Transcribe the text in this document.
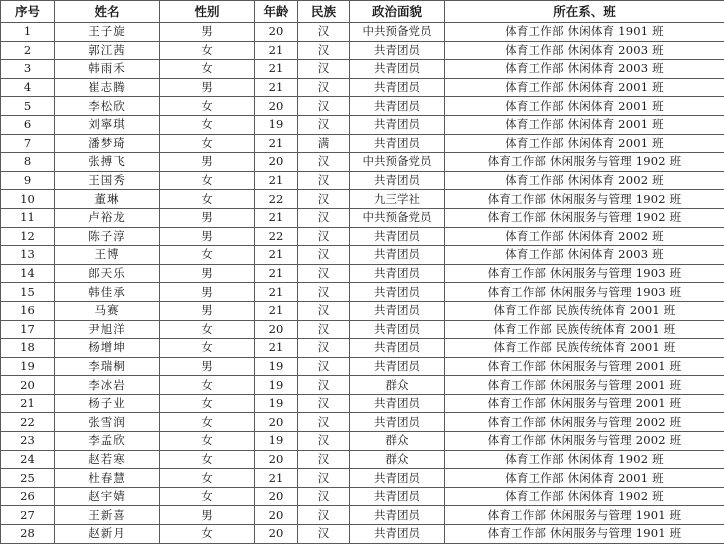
序号	姓名	性别	年龄	民族	政治面貌	所在系、班
1	王子旋	男	20	汉	中共预备党员	体育工作部 休闲体育 1901 班
2	郭江茜	女	21	汉	共青团员	体育工作部 休闲体育 2003 班
3	韩雨禾	女	21	汉	共青团员	体育工作部 休闲体育 2003 班
4	崔志腾	男	21	汉	共青团员	体育工作部 休闲体育 2001 班
5	李松欣	女	20	汉	共青团员	体育工作部 休闲体育 2001 班
6	刘寧琪	女	19	汉	共青团员	体育工作部 休闲体育 2001 班
7	潘梦琦	女	21	满	共青团员	体育工作部 休闲体育 2001 班
8	张搏飞	男	20	汉	中共预备党员	体育工作部 休闲服务与管理 1902 班
9	王国秀	女	21	汉	共青团员	体育工作部 休闲体育 2002 班
10	董琳	女	22	汉	九三学社	体育工作部 休闲服务与管理 1902 班
11	卢裕龙	男	21	汉	中共预备党员	体育工作部 休闲服务与管理 1902 班
12	陈子淳	男	22	汉	共青团员	体育工作部 休闲体育 2002 班
13	王博	女	21	汉	共青团员	体育工作部 休闲体育 2003 班
14	郎天乐	男	21	汉	共青团员	体育工作部 休闲服务与管理 1903 班
15	韩佳承	男	21	汉	共青团员	体育工作部 休闲服务与管理 1903 班
16	马赛	男	21	汉	共青团员	体育工作部 民族传统体育 2001 班
17	尹旭洋	女	20	汉	共青团员	体育工作部 民族传统体育 2001 班
18	杨增坤	女	21	汉	共青团员	体育工作部 民族传统体育 2001 班
19	李瑞桐	男	19	汉	共青团员	体育工作部 休闲服务与管理 2001 班
20	李冰岩	女	19	汉	群众	体育工作部 休闲服务与管理 2001 班
21	杨子业	女	19	汉	共青团员	体育工作部 休闲服务与管理 2001 班
22	张雪润	女	20	汉	共青团员	体育工作部 休闲服务与管理 2002 班
23	李孟欣	女	19	汉	群众	体育工作部 休闲服务与管理 2002 班
24	赵若寒	女	20	汉	群众	体育工作部 休闲体育 1902 班
25	杜春慧	女	21	汉	共青团员	体育工作部 休闲体育 2001 班
26	赵宇婧	女	20	汉	共青团员	体育工作部 休闲体育 1902 班
27	王新喜	男	20	汉	共青团员	体育工作部 休闲服务与管理 1901 班
28	赵新月	女	20	汉	共青团员	体育工作部 休闲服务与管理 1901 班
